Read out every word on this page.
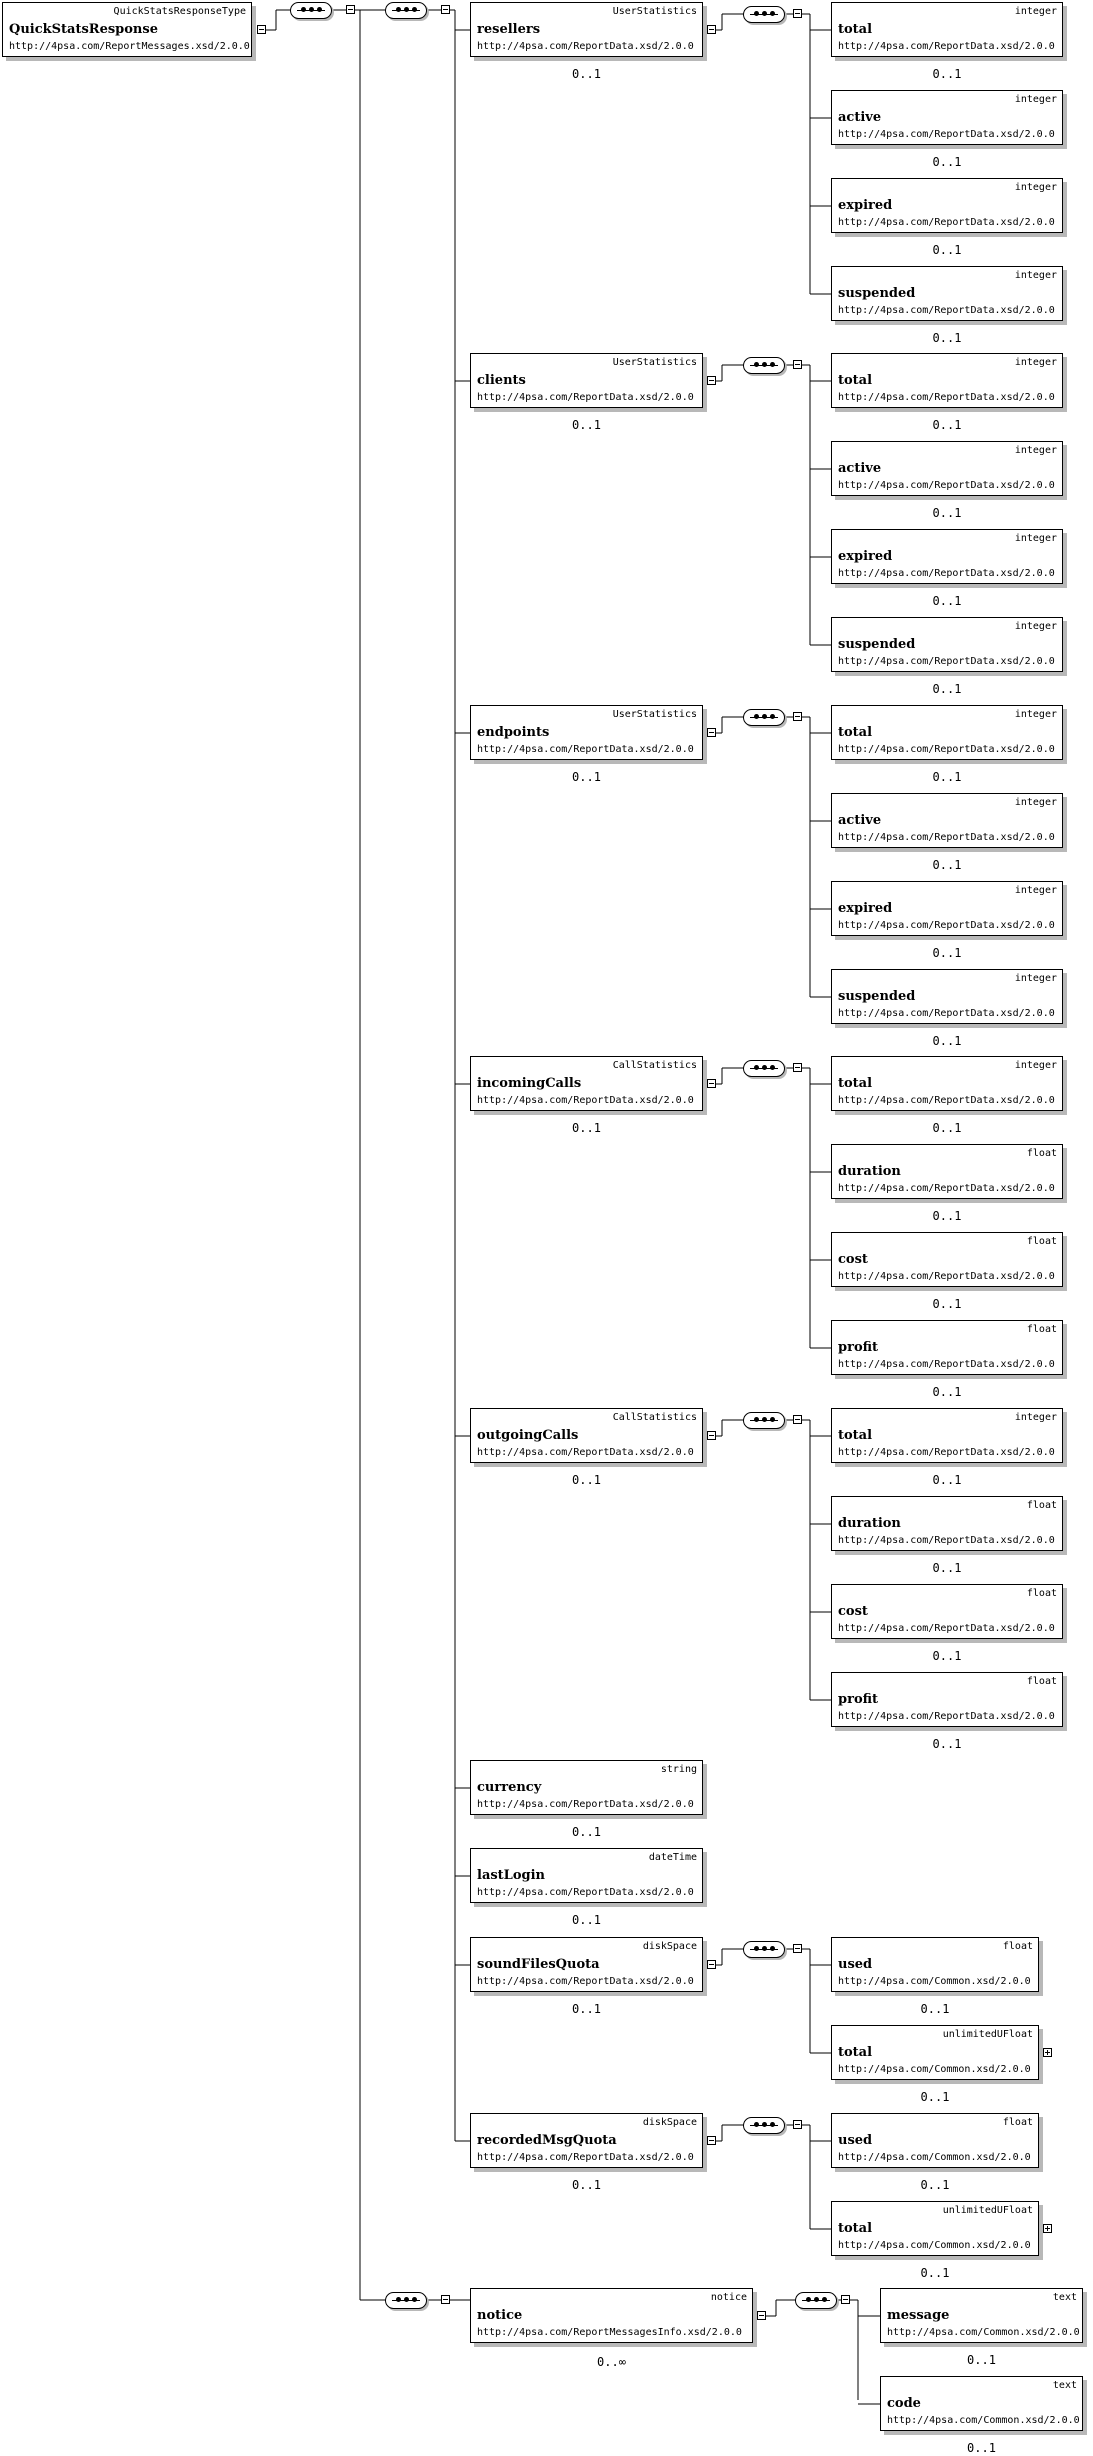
QuickStatsResponseType
QuickStatsResponse
http://4psa.com/ReportMessages.xsd/2.0.0
UserStatistics
resellers
http://4psa.com/ReportData.xsd/2.0.0
0..1
integer
total
http://4psa.com/ReportData.xsd/2.0.0
0..1
integer
active
http://4psa.com/ReportData.xsd/2.0.0
0..1
integer
expired
http://4psa.com/ReportData.xsd/2.0.0
0..1
integer
suspended
http://4psa.com/ReportData.xsd/2.0.0
0..1
UserStatistics
clients
http://4psa.com/ReportData.xsd/2.0.0
0..1
integer
total
http://4psa.com/ReportData.xsd/2.0.0
0..1
integer
active
http://4psa.com/ReportData.xsd/2.0.0
0..1
integer
expired
http://4psa.com/ReportData.xsd/2.0.0
0..1
integer
suspended
http://4psa.com/ReportData.xsd/2.0.0
0..1
UserStatistics
endpoints
http://4psa.com/ReportData.xsd/2.0.0
0..1
integer
total
http://4psa.com/ReportData.xsd/2.0.0
0..1
integer
active
http://4psa.com/ReportData.xsd/2.0.0
0..1
integer
expired
http://4psa.com/ReportData.xsd/2.0.0
0..1
integer
suspended
http://4psa.com/ReportData.xsd/2.0.0
0..1
CallStatistics
incomingCalls
http://4psa.com/ReportData.xsd/2.0.0
0..1
integer
total
http://4psa.com/ReportData.xsd/2.0.0
0..1
float
duration
http://4psa.com/ReportData.xsd/2.0.0
0..1
float
cost
http://4psa.com/ReportData.xsd/2.0.0
0..1
float
profit
http://4psa.com/ReportData.xsd/2.0.0
0..1
CallStatistics
outgoingCalls
http://4psa.com/ReportData.xsd/2.0.0
0..1
integer
total
http://4psa.com/ReportData.xsd/2.0.0
0..1
float
duration
http://4psa.com/ReportData.xsd/2.0.0
0..1
float
cost
http://4psa.com/ReportData.xsd/2.0.0
0..1
float
profit
http://4psa.com/ReportData.xsd/2.0.0
0..1
string
currency
http://4psa.com/ReportData.xsd/2.0.0
0..1
dateTime
lastLogin
http://4psa.com/ReportData.xsd/2.0.0
0..1
diskSpace
soundFilesQuota
http://4psa.com/ReportData.xsd/2.0.0
0..1
float
used
http://4psa.com/Common.xsd/2.0.0
0..1
unlimitedUFloat
total
http://4psa.com/Common.xsd/2.0.0
0..1
diskSpace
recordedMsgQuota
http://4psa.com/ReportData.xsd/2.0.0
0..1
float
used
http://4psa.com/Common.xsd/2.0.0
0..1
unlimitedUFloat
total
http://4psa.com/Common.xsd/2.0.0
0..1
notice
notice
http://4psa.com/ReportMessagesInfo.xsd/2.0.0
0..∞
text
message
http://4psa.com/Common.xsd/2.0.0
0..1
text
code
http://4psa.com/Common.xsd/2.0.0
0..1
